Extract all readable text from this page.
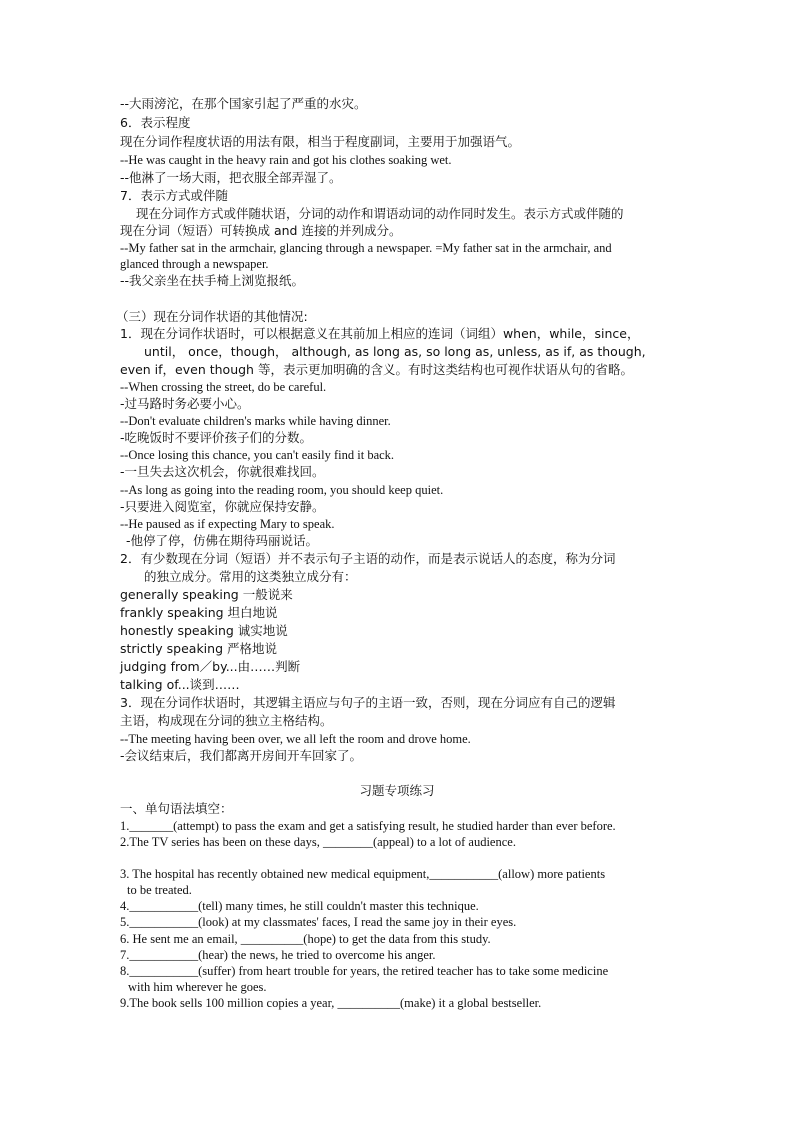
--大雨滂沱，在那个国家引起了严重的水灾。
6．表示程度
现在分词作程度状语的用法有限，相当于程度副词，主要用于加强语气。
--He was caught in the heavy rain and got his clothes soaking wet.
--他淋了一场大雨，把衣服全部弄湿了。
7．表示方式或伴随
现在分词作方式或伴随状语，分词的动作和谓语动词的动作同时发生。表示方式或伴随的
现在分词（短语）可转换成 and 连接的并列成分。
--My father sat in the armchair, glancing through a newspaper. =My father sat in the armchair, and
glanced through a newspaper.
--我父亲坐在扶手椅上浏览报纸。
（三）现在分词作状语的其他情况:
1．现在分词作状语时，可以根据意义在其前加上相应的连词（词组）when，while，since，
until， once，though， although, as long as, so long as, unless, as if, as though,
even if，even though 等，表示更加明确的含义。有时这类结构也可视作状语从句的省略。
--When crossing the street, do be careful.
-过马路时务必要小心。
--Don't evaluate children's marks while having dinner.
-吃晚饭时不要评价孩子们的分数。
--Once losing this chance, you can't easily find it back.
-一旦失去这次机会，你就很难找回。
--As long as going into the reading room, you should keep quiet.
-只要进入阅览室，你就应保持安静。
--He paused as if expecting Mary to speak.
-他停了停，仿佛在期待玛丽说话。
2．有少数现在分词（短语）并不表示句子主语的动作，而是表示说话人的态度，称为分词
的独立成分。常用的这类独立成分有：
generally speaking 一般说来
frankly speaking 坦白地说
honestly speaking 诚实地说
strictly speaking 严格地说
judging from／by...由……判断
talking of...谈到……
3．现在分词作状语时，其逻辑主语应与句子的主语一致，否则，现在分词应有自己的逻辑
主语，构成现在分词的独立主格结构。
--The meeting having been over, we all left the room and drove home.
-会议结束后，我们都离开房间开车回家了。
一、单句语法填空：
1._______(attempt) to pass the exam and get a satisfying result, he studied harder than ever before.
2.The TV series has been on these days, ________(appeal) to a lot of audience.
3. The hospital has recently obtained new medical equipment,___________(allow) more patients
to be treated.
4.___________(tell) many times, he still couldn't master this technique.
5.___________(look) at my classmates' faces, I read the same joy in their eyes.
6. He sent me an email, __________(hope) to get the data from this study.
7.___________(hear) the news, he tried to overcome his anger.
8.___________(suffer) from heart trouble for years, the retired teacher has to take some medicine
with him wherever he goes.
9.The book sells 100 million copies a year, __________(make) it a global bestseller.
习题专项练习
